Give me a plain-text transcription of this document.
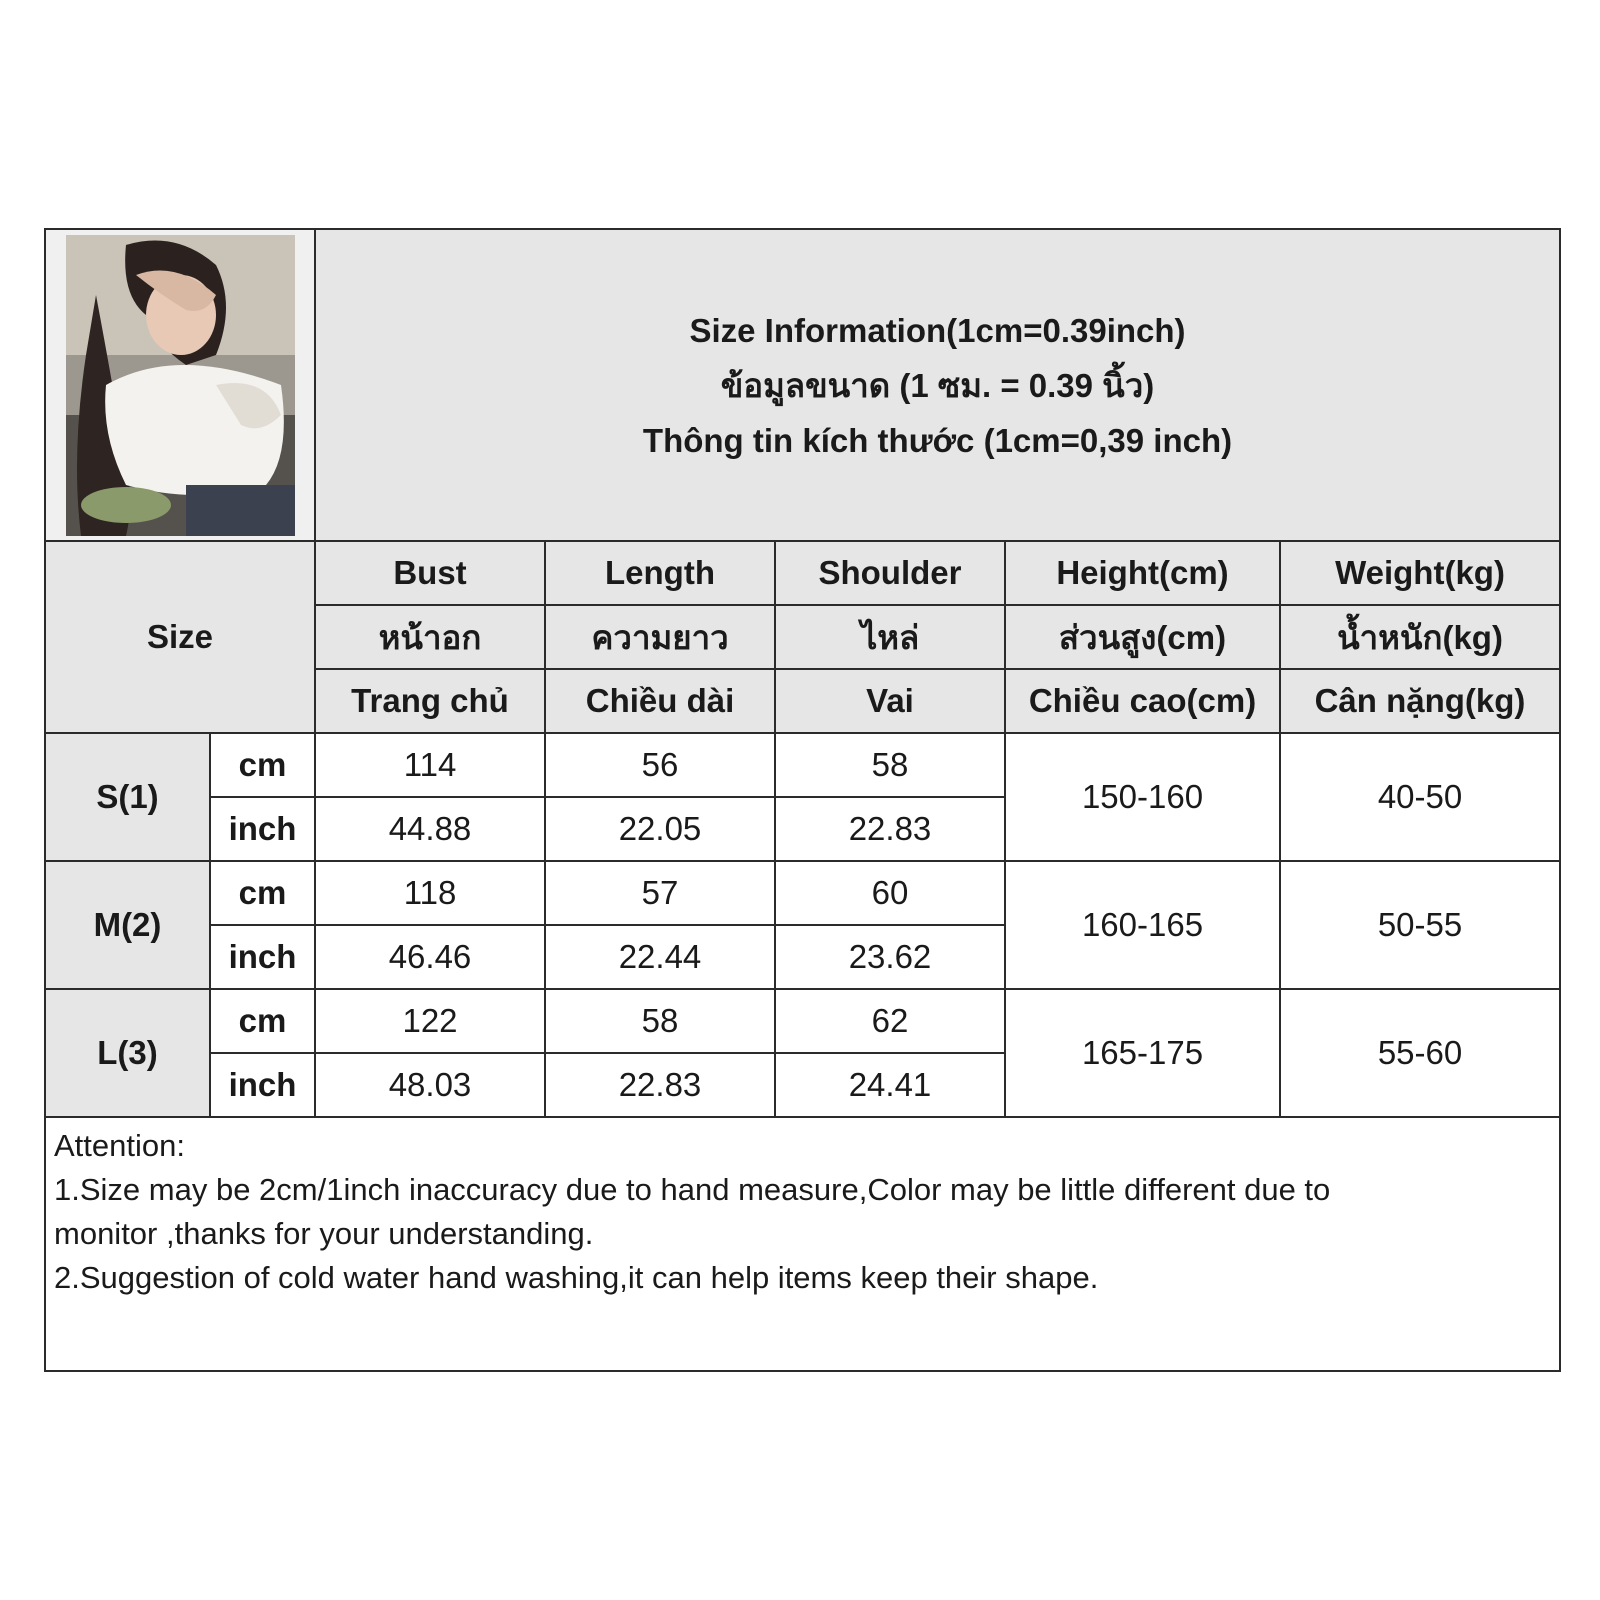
Size Information(1cm=0.39inch)
ข้อมูลขนาด (1 ซม. = 0.39 นิ้ว)
Thông tin kích thước (1cm=0,39 inch)				

Size		Bust	Length	Shoulder	Height(cm)	Weight(kg)
		หน้าอก	ความยาว	ไหล่	ส่วนสูง(cm)	น้ำหนัก(kg)
		Trang chủ	Chiều dài	Vai	Chiều cao(cm)	Cân nặng(kg)
S(1)	cm	114	56	58	150-160	40-50
	inch	44.88	22.05	22.83		
M(2)	cm	118	57	60	160-165	50-55
	inch	46.46	22.44	23.62		
L(3)	cm	122	58	62	165-175	55-60
	inch	48.03	22.83	24.41		

Attention:
1.Size may be 2cm/1inch inaccuracy due to hand measure,Color may be little different due to
monitor ,thanks for your understanding.
2.Suggestion of cold water hand washing,it can help items keep their shape.						
